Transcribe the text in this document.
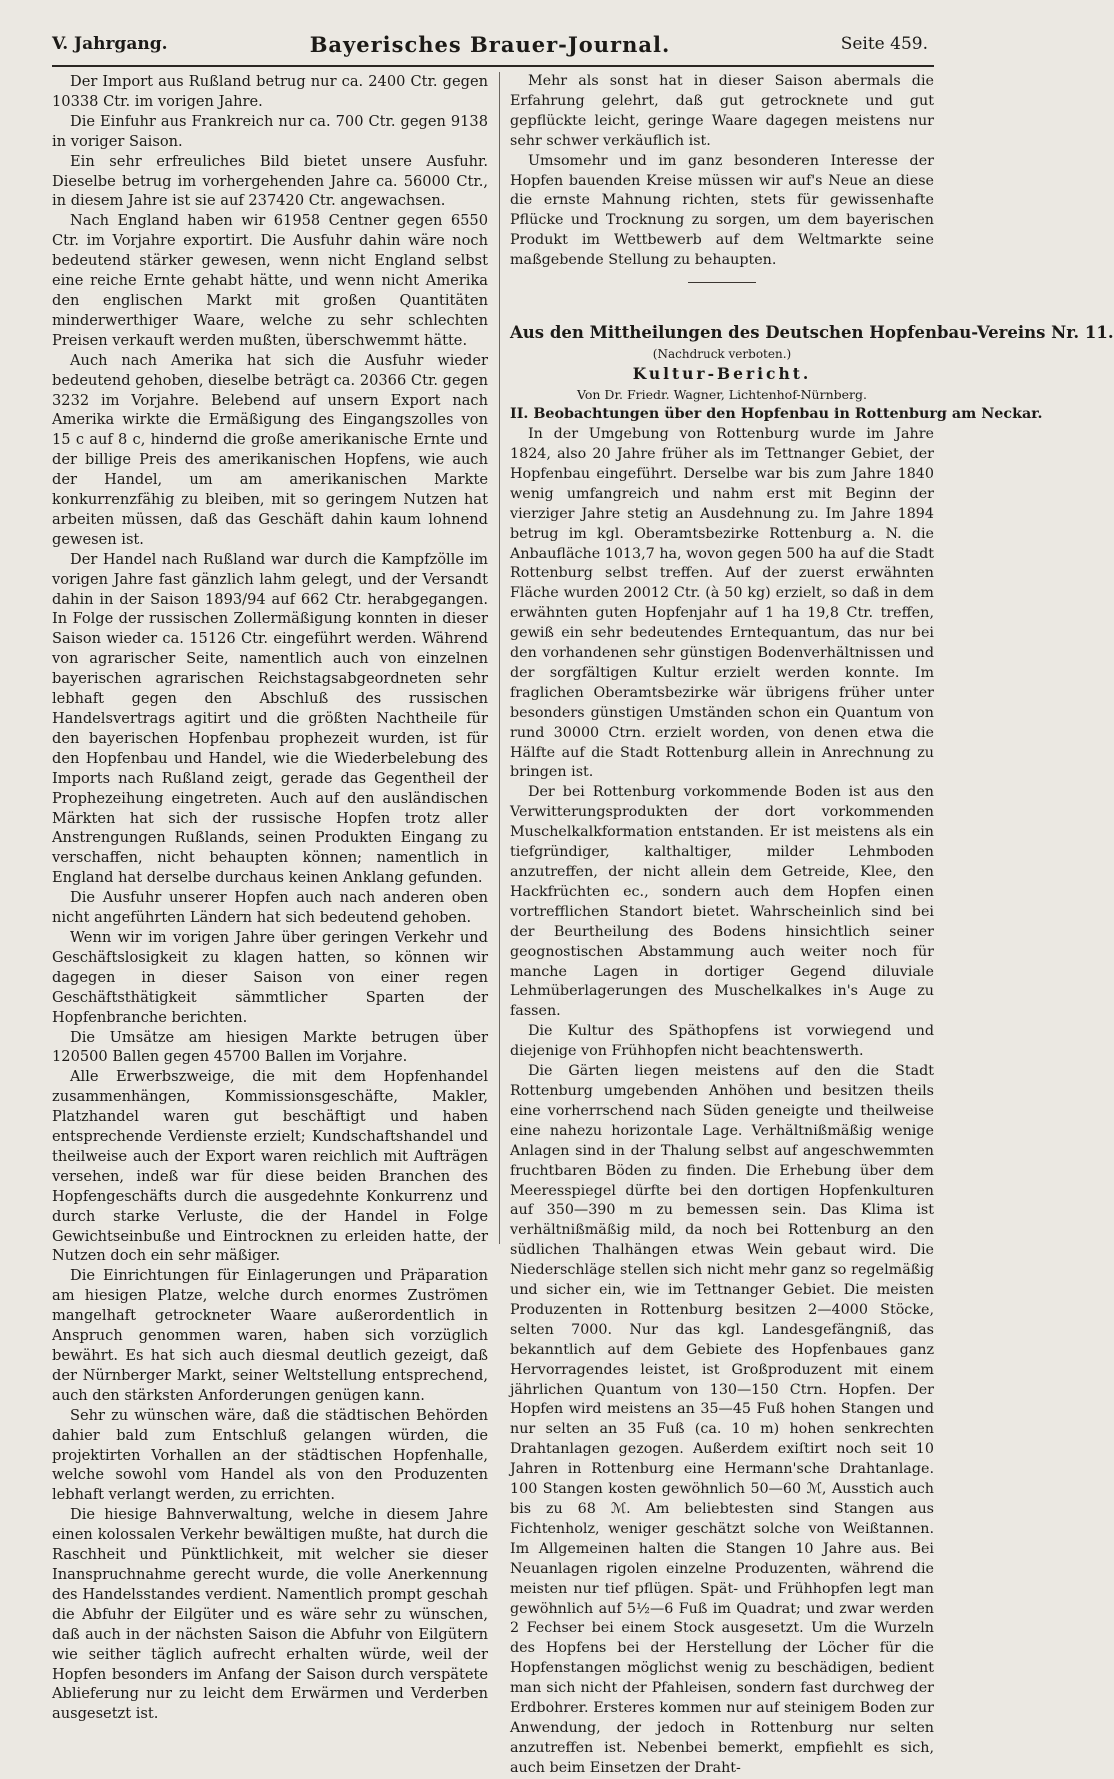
V. Jahrgang.	Bayerisches Brauer-Journal.	Seite 459.

Der Import aus Rußland betrug nur ca. 2400 Ctr. gegen 10338 Ctr. im vorigen Jahre.

Die Einfuhr aus Frankreich nur ca. 700 Ctr. gegen 9138 in voriger Saison.

Ein sehr erfreuliches Bild bietet unsere Ausfuhr. Dieselbe betrug im vorhergehenden Jahre ca. 56000 Ctr., in diesem Jahre ist sie auf 237420 Ctr. angewachsen.

Nach England haben wir 61958 Centner gegen 6550 Ctr. im Vorjahre exportirt. Die Ausfuhr dahin wäre noch bedeutend stärker gewesen, wenn nicht England selbst eine reiche Ernte gehabt hätte, und wenn nicht Amerika den englischen Markt mit großen Quantitäten minderwerthiger Waare, welche zu sehr schlechten Preisen verkauft werden mußten, überschwemmt hätte.

Auch nach Amerika hat sich die Ausfuhr wieder bedeutend gehoben, dieselbe beträgt ca. 20366 Ctr. gegen 3232 im Vorjahre. Belebend auf unsern Export nach Amerika wirkte die Ermäßigung des Eingangszolles von 15 c auf 8 c, hindernd die große amerikanische Ernte und der billige Preis des amerikanischen Hopfens, wie auch der Handel, um am amerikanischen Markte konkurrenzfähig zu bleiben, mit so geringem Nutzen hat arbeiten müssen, daß das Geschäft dahin kaum lohnend gewesen ist.

Der Handel nach Rußland war durch die Kampfzölle im vorigen Jahre fast gänzlich lahm gelegt, und der Versandt dahin in der Saison 1893/94 auf 662 Ctr. herabgegangen. In Folge der russischen Zollermäßigung konnten in dieser Saison wieder ca. 15126 Ctr. eingeführt werden. Während von agrarischer Seite, namentlich auch von einzelnen bayerischen agrarischen Reichstagsabgeordneten sehr lebhaft gegen den Abschluß des russischen Handelsvertrags agitirt und die größten Nachtheile für den bayerischen Hopfenbau prophezeit wurden, ist für den Hopfenbau und Handel, wie die Wiederbelebung des Imports nach Rußland zeigt, gerade das Gegentheil der Prophezeihung eingetreten. Auch auf den ausländischen Märkten hat sich der russische Hopfen trotz aller Anstrengungen Rußlands, seinen Produkten Eingang zu verschaffen, nicht behaupten können; namentlich in England hat derselbe durchaus keinen Anklang gefunden.

Die Ausfuhr unserer Hopfen auch nach anderen oben nicht angeführten Ländern hat sich bedeutend gehoben.

Wenn wir im vorigen Jahre über geringen Verkehr und Geschäftslosigkeit zu klagen hatten, so können wir dagegen in dieser Saison von einer regen Geschäftsthätigkeit sämmtlicher Sparten der Hopfenbranche berichten.

Die Umsätze am hiesigen Markte betrugen über 120500 Ballen gegen 45700 Ballen im Vorjahre.

Alle Erwerbszweige, die mit dem Hopfenhandel zusammenhängen, Kommissionsgeschäfte, Makler, Platzhandel waren gut beschäftigt und haben entsprechende Verdienste erzielt; Kundschaftshandel und theilweise auch der Export waren reichlich mit Aufträgen versehen, indeß war für diese beiden Branchen des Hopfengeschäfts durch die ausgedehnte Konkurrenz und durch starke Verluste, die der Handel in Folge Gewichtseinbuße und Eintrocknen zu erleiden hatte, der Nutzen doch ein sehr mäßiger.

Die Einrichtungen für Einlagerungen und Präparation am hiesigen Platze, welche durch enormes Zuströmen mangelhaft getrockneter Waare außerordentlich in Anspruch genommen waren, haben sich vorzüglich bewährt. Es hat sich auch diesmal deutlich gezeigt, daß der Nürnberger Markt, seiner Weltstellung entsprechend, auch den stärksten Anforderungen genügen kann.

Sehr zu wünschen wäre, daß die städtischen Behörden dahier bald zum Entschluß gelangen würden, die projektirten Vorhallen an der städtischen Hopfenhalle, welche sowohl vom Handel als von den Produzenten lebhaft verlangt werden, zu errichten.

Die hiesige Bahnverwaltung, welche in diesem Jahre einen kolossalen Verkehr bewältigen mußte, hat durch die Raschheit und Pünktlichkeit, mit welcher sie dieser Inanspruchnahme gerecht wurde, die volle Anerkennung des Handelsstandes verdient. Namentlich prompt geschah die Abfuhr der Eilgüter und es wäre sehr zu wünschen, daß auch in der nächsten Saison die Abfuhr von Eilgütern wie seither täglich aufrecht erhalten würde, weil der Hopfen besonders im Anfang der Saison durch verspätete Ablieferung nur zu leicht dem Erwärmen und Verderben ausgesetzt ist.

Mehr als sonst hat in dieser Saison abermals die Erfahrung gelehrt, daß gut getrocknete und gut gepflückte leicht, geringe Waare dagegen meistens nur sehr schwer verkäuflich ist.

Umsomehr und im ganz besonderen Interesse der Hopfen bauenden Kreise müssen wir auf's Neue an diese die ernste Mahnung richten, stets für gewissenhafte Pflücke und Trocknung zu sorgen, um dem bayerischen Produkt im Wettbewerb auf dem Weltmarkte seine maßgebende Stellung zu behaupten.

Aus den Mittheilungen des Deutschen Hopfenbau-Vereins Nr. 11.
(Nachdruck verboten.)
Kultur-Bericht.
Von Dr. Friedr. Wagner, Lichtenhof-Nürnberg.
II. Beobachtungen über den Hopfenbau in Rottenburg am Neckar.

In der Umgebung von Rottenburg wurde im Jahre 1824, also 20 Jahre früher als im Tettnanger Gebiet, der Hopfenbau eingeführt. Derselbe war bis zum Jahre 1840 wenig umfangreich und nahm erst mit Beginn der vierziger Jahre stetig an Ausdehnung zu. Im Jahre 1894 betrug im kgl. Oberamtsbezirke Rottenburg a. N. die Anbaufläche 1013,7 ha, wovon gegen 500 ha auf die Stadt Rottenburg selbst treffen. Auf der zuerst erwähnten Fläche wurden 20012 Ctr. (à 50 kg) erzielt, so daß in dem erwähnten guten Hopfenjahr auf 1 ha 19,8 Ctr. treffen, gewiß ein sehr bedeutendes Erntequantum, das nur bei den vorhandenen sehr günstigen Bodenverhältnissen und der sorgfältigen Kultur erzielt werden konnte. Im fraglichen Oberamtsbezirke wär übrigens früher unter besonders günstigen Umständen schon ein Quantum von rund 30000 Ctrn. erzielt worden, von denen etwa die Hälfte auf die Stadt Rottenburg allein in Anrechnung zu bringen ist.

Der bei Rottenburg vorkommende Boden ist aus den Verwitterungsprodukten der dort vorkommenden Muschelkalkformation entstanden. Er ist meistens als ein tiefgründiger, kalthaltiger, milder Lehmboden anzutreffen, der nicht allein dem Getreide, Klee, den Hackfrüchten ec., sondern auch dem Hopfen einen vortrefflichen Standort bietet. Wahrscheinlich sind bei der Beurtheilung des Bodens hinsichtlich seiner geognostischen Abstammung auch weiter noch für manche Lagen in dortiger Gegend diluviale Lehmüberlagerungen des Muschelkalkes in's Auge zu fassen.

Die Kultur des Späthopfens ist vorwiegend und diejenige von Frühhopfen nicht beachtenswerth.

Die Gärten liegen meistens auf den die Stadt Rottenburg umgebenden Anhöhen und besitzen theils eine vorherrschend nach Süden geneigte und theilweise eine nahezu horizontale Lage. Verhältnißmäßig wenige Anlagen sind in der Thalung selbst auf angeschwemmten fruchtbaren Böden zu finden. Die Erhebung über dem Meeresspiegel dürfte bei den dortigen Hopfenkulturen auf 350—390 m zu bemessen sein. Das Klima ist verhältnißmäßig mild, da noch bei Rottenburg an den südlichen Thalhängen etwas Wein gebaut wird. Die Niederschläge stellen sich nicht mehr ganz so regelmäßig und sicher ein, wie im Tettnanger Gebiet. Die meisten Produzenten in Rottenburg besitzen 2—4000 Stöcke, selten 7000. Nur das kgl. Landesgefängniß, das bekanntlich auf dem Gebiete des Hopfenbaues ganz Hervorragendes leistet, ist Großproduzent mit einem jährlichen Quantum von 130—150 Ctrn. Hopfen. Der Hopfen wird meistens an 35—45 Fuß hohen Stangen und nur selten an 35 Fuß (ca. 10 m) hohen senkrechten Drahtanlagen gezogen. Außerdem exiſtirt noch seit 10 Jahren in Rottenburg eine Hermann'sche Drahtanlage. 100 Stangen kosten gewöhnlich 50—60 ℳ, Ausstich auch bis zu 68 ℳ. Am beliebtesten sind Stangen aus Fichtenholz, weniger geschätzt solche von Weißtannen. Im Allgemeinen halten die Stangen 10 Jahre aus. Bei Neuanlagen rigolen einzelne Produzenten, während die meisten nur tief pflügen. Spät- und Frühhopfen legt man gewöhnlich auf 5½—6 Fuß im Quadrat; und zwar werden 2 Fechser bei einem Stock ausgesetzt. Um die Wurzeln des Hopfens bei der Herstellung der Löcher für die Hopfenstangen möglichst wenig zu beschädigen, bedient man sich nicht der Pfahleisen, sondern fast durchweg der Erdbohrer. Ersteres kommen nur auf steinigem Boden zur Anwendung, der jedoch in Rottenburg nur selten anzutreffen ist. Nebenbei bemerkt, empfiehlt es sich, auch beim Einsetzen der Draht-
